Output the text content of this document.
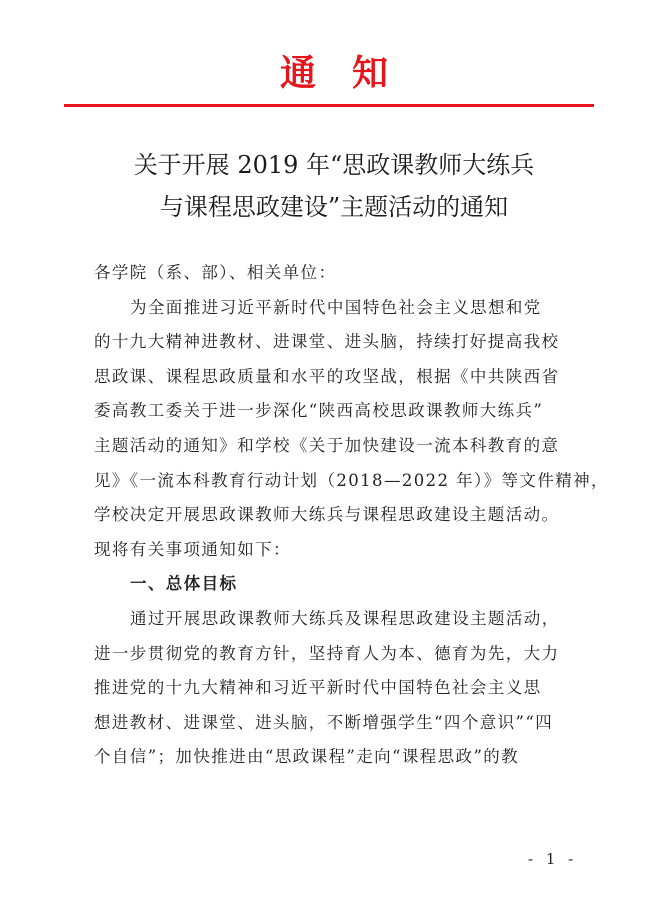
通知
关于开展 2019 年“思政课教师大练兵
与课程思政建设”主题活动的通知
各学院（系、部）、相关单位：
为全面推进习近平新时代中国特色社会主义思想和党
的十九大精神进教材、进课堂、进头脑，持续打好提高我校
思政课、课程思政质量和水平的攻坚战，根据《中共陕西省
委高教工委关于进一步深化“陕西高校思政课教师大练兵”
主题活动的通知》和学校《关于加快建设一流本科教育的意
见》《一流本科教育行动计划（2018—2022 年）》等文件精神，
学校决定开展思政课教师大练兵与课程思政建设主题活动。
现将有关事项通知如下：
一、总体目标
通过开展思政课教师大练兵及课程思政建设主题活动，
进一步贯彻党的教育方针，坚持育人为本、德育为先，大力
推进党的十九大精神和习近平新时代中国特色社会主义思
想进教材、进课堂、进头脑，不断增强学生“四个意识”“四
个自信”；加快推进由“思政课程”走向“课程思政”的教
- 1 -
